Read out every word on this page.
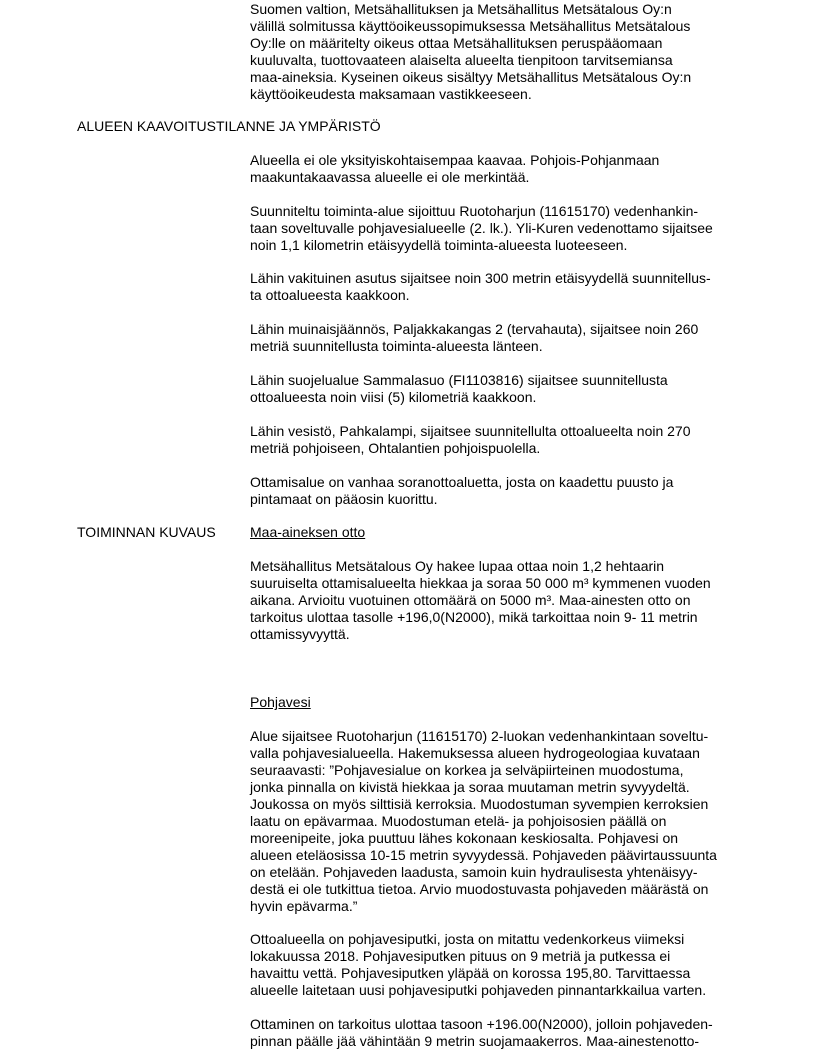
Suomen valtion, Metsähallituksen ja Metsähallitus Metsätalous Oy:n
välillä solmitussa käyttöoikeussopimuksessa Metsähallitus Metsätalous
Oy:lle on määritelty oikeus ottaa Metsähallituksen peruspääomaan
kuuluvalta, tuottovaateen alaiselta alueelta tienpitoon tarvitsemiansa
maa-aineksia. Kyseinen oikeus sisältyy Metsähallitus Metsätalous Oy:n
käyttöoikeudesta maksamaan vastikkeeseen.
ALUEEN KAAVOITUSTILANNE JA YMPÄRISTÖ
Alueella ei ole yksityiskohtaisempaa kaavaa. Pohjois-Pohjanmaan
maakuntakaavassa alueelle ei ole merkintää.
Suunniteltu toiminta-alue sijoittuu Ruotoharjun (11615170) vedenhankin-
taan soveltuvalle pohjavesialueelle (2. lk.). Yli-Kuren vedenottamo sijaitsee
noin 1,1 kilometrin etäisyydellä toiminta-alueesta luoteeseen.
Lähin vakituinen asutus sijaitsee noin 300 metrin etäisyydellä suunnitellus-
ta ottoalueesta kaakkoon.
Lähin muinaisjäännös, Paljakkakangas 2 (tervahauta), sijaitsee noin 260
metriä suunnitellusta toiminta-alueesta länteen.
Lähin suojelualue Sammalasuo (FI1103816) sijaitsee suunnitellusta
ottoalueesta noin viisi (5) kilometriä kaakkoon.
Lähin vesistö, Pahkalampi, sijaitsee suunnitellulta ottoalueelta noin 270
metriä pohjoiseen, Ohtalantien pohjoispuolella.
Ottamisalue on vanhaa soranottoaluetta, josta on kaadettu puusto ja
pintamaat on pääosin kuorittu.
TOIMINNAN KUVAUS Maa-aineksen otto
Metsähallitus Metsätalous Oy hakee lupaa ottaa noin 1,2 hehtaarin
suuruiselta ottamisalueelta hiekkaa ja soraa 50 000 m³ kymmenen vuoden
aikana. Arvioitu vuotuinen ottomäärä on 5000 m³. Maa-ainesten otto on
tarkoitus ulottaa tasolle +196,0(N2000), mikä tarkoittaa noin 9- 11 metrin
ottamissyvyyttä.
Pohjavesi
Alue sijaitsee Ruotoharjun (11615170) 2-luokan vedenhankintaan soveltu-
valla pohjavesialueella. Hakemuksessa alueen hydrogeologiaa kuvataan
seuraavasti: ”Pohjavesialue on korkea ja selväpiirteinen muodostuma,
jonka pinnalla on kivistä hiekkaa ja soraa muutaman metrin syvyydeltä.
Joukossa on myös silttisiä kerroksia. Muodostuman syvempien kerroksien
laatu on epävarmaa. Muodostuman etelä- ja pohjoisosien päällä on
moreenipeite, joka puuttuu lähes kokonaan keskiosalta. Pohjavesi on
alueen eteläosissa 10-15 metrin syvyydessä. Pohjaveden päävirtaussuunta
on etelään. Pohjaveden laadusta, samoin kuin hydraulisesta yhtenäisyy-
destä ei ole tutkittua tietoa. Arvio muodostuvasta pohjaveden määrästä on
hyvin epävarma.”
Ottoalueella on pohjavesiputki, josta on mitattu vedenkorkeus viimeksi
lokakuussa 2018. Pohjavesiputken pituus on 9 metriä ja putkessa ei
havaittu vettä. Pohjavesiputken yläpää on korossa 195,80. Tarvittaessa
alueelle laitetaan uusi pohjavesiputki pohjaveden pinnantarkkailua varten.
Ottaminen on tarkoitus ulottaa tasoon +196.00(N2000), jolloin pohjaveden-
pinnan päälle jää vähintään 9 metrin suojamaakerros. Maa-ainestenotto-
